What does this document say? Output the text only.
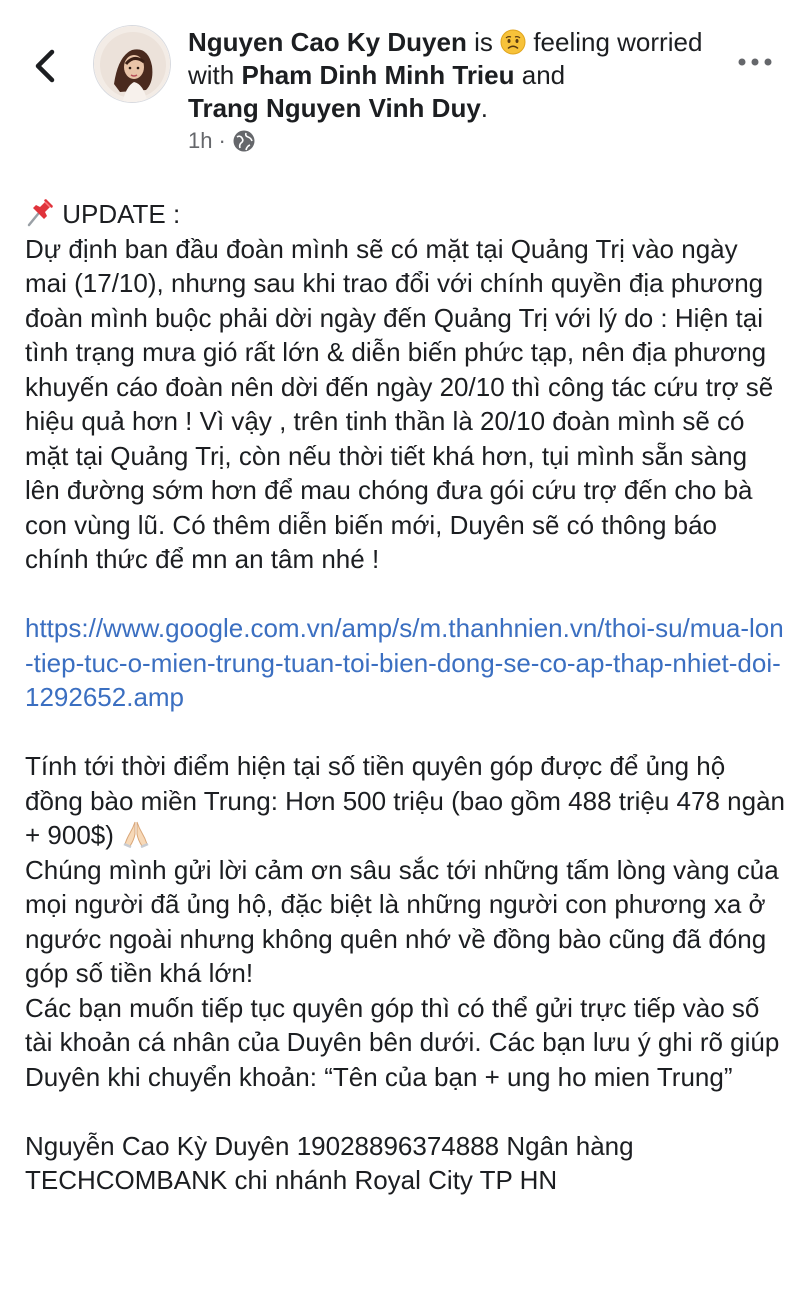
Nguyen Cao Ky Duyen is feeling worried with Pham Dinh Minh Trieu and
Trang Nguyen Vinh Duy.
1h ·

UPDATE :

Dự định ban đầu đoàn mình sẽ có mặt tại Quảng Trị vào ngày mai (17/10), nhưng sau khi trao đổi với chính quyền địa phương đoàn mình buộc phải dời ngày đến Quảng Trị với lý do : Hiện tại tình trạng mưa gió rất lớn & diễn biến phức tạp, nên địa phương khuyến cáo đoàn nên dời đến ngày 20/10 thì công tác cứu trợ sẽ hiệu quả hơn ! Vì vậy , trên tinh thần là 20/10 đoàn mình sẽ có mặt tại Quảng Trị, còn nếu thời tiết khá hơn, tụi mình sẵn sàng lên đường sớm hơn để mau chóng đưa gói cứu trợ đến cho bà con vùng lũ. Có thêm diễn biến mới, Duyên sẽ có thông báo chính thức để mn an tâm nhé !

https://www.google.com.vn/amp/s/m.thanhnien.vn/thoi-su/mua-lon-tiep-tuc-o-mien-trung-tuan-toi-bien-dong-se-co-ap-thap-nhiet-doi-1292652.amp

Tính tới thời điểm hiện tại số tiền quyên góp được để ủng hộ đồng bào miền Trung: Hơn 500 triệu (bao gồm 488 triệu 478 ngàn + 900$)

Chúng mình gửi lời cảm ơn sâu sắc tới những tấm lòng vàng của mọi người đã ủng hộ, đặc biệt là những người con phương xa ở ngước ngoài nhưng không quên nhớ về đồng bào cũng đã đóng góp số tiền khá lớn!

Các bạn muốn tiếp tục quyên góp thì có thể gửi trực tiếp vào số tài khoản cá nhân của Duyên bên dưới. Các bạn lưu ý ghi rõ giúp Duyên khi chuyển khoản: “Tên của bạn + ung ho mien Trung”

Nguyễn Cao Kỳ Duyên 19028896374888 Ngân hàng TECHCOMBANK chi nhánh Royal City TP HN
